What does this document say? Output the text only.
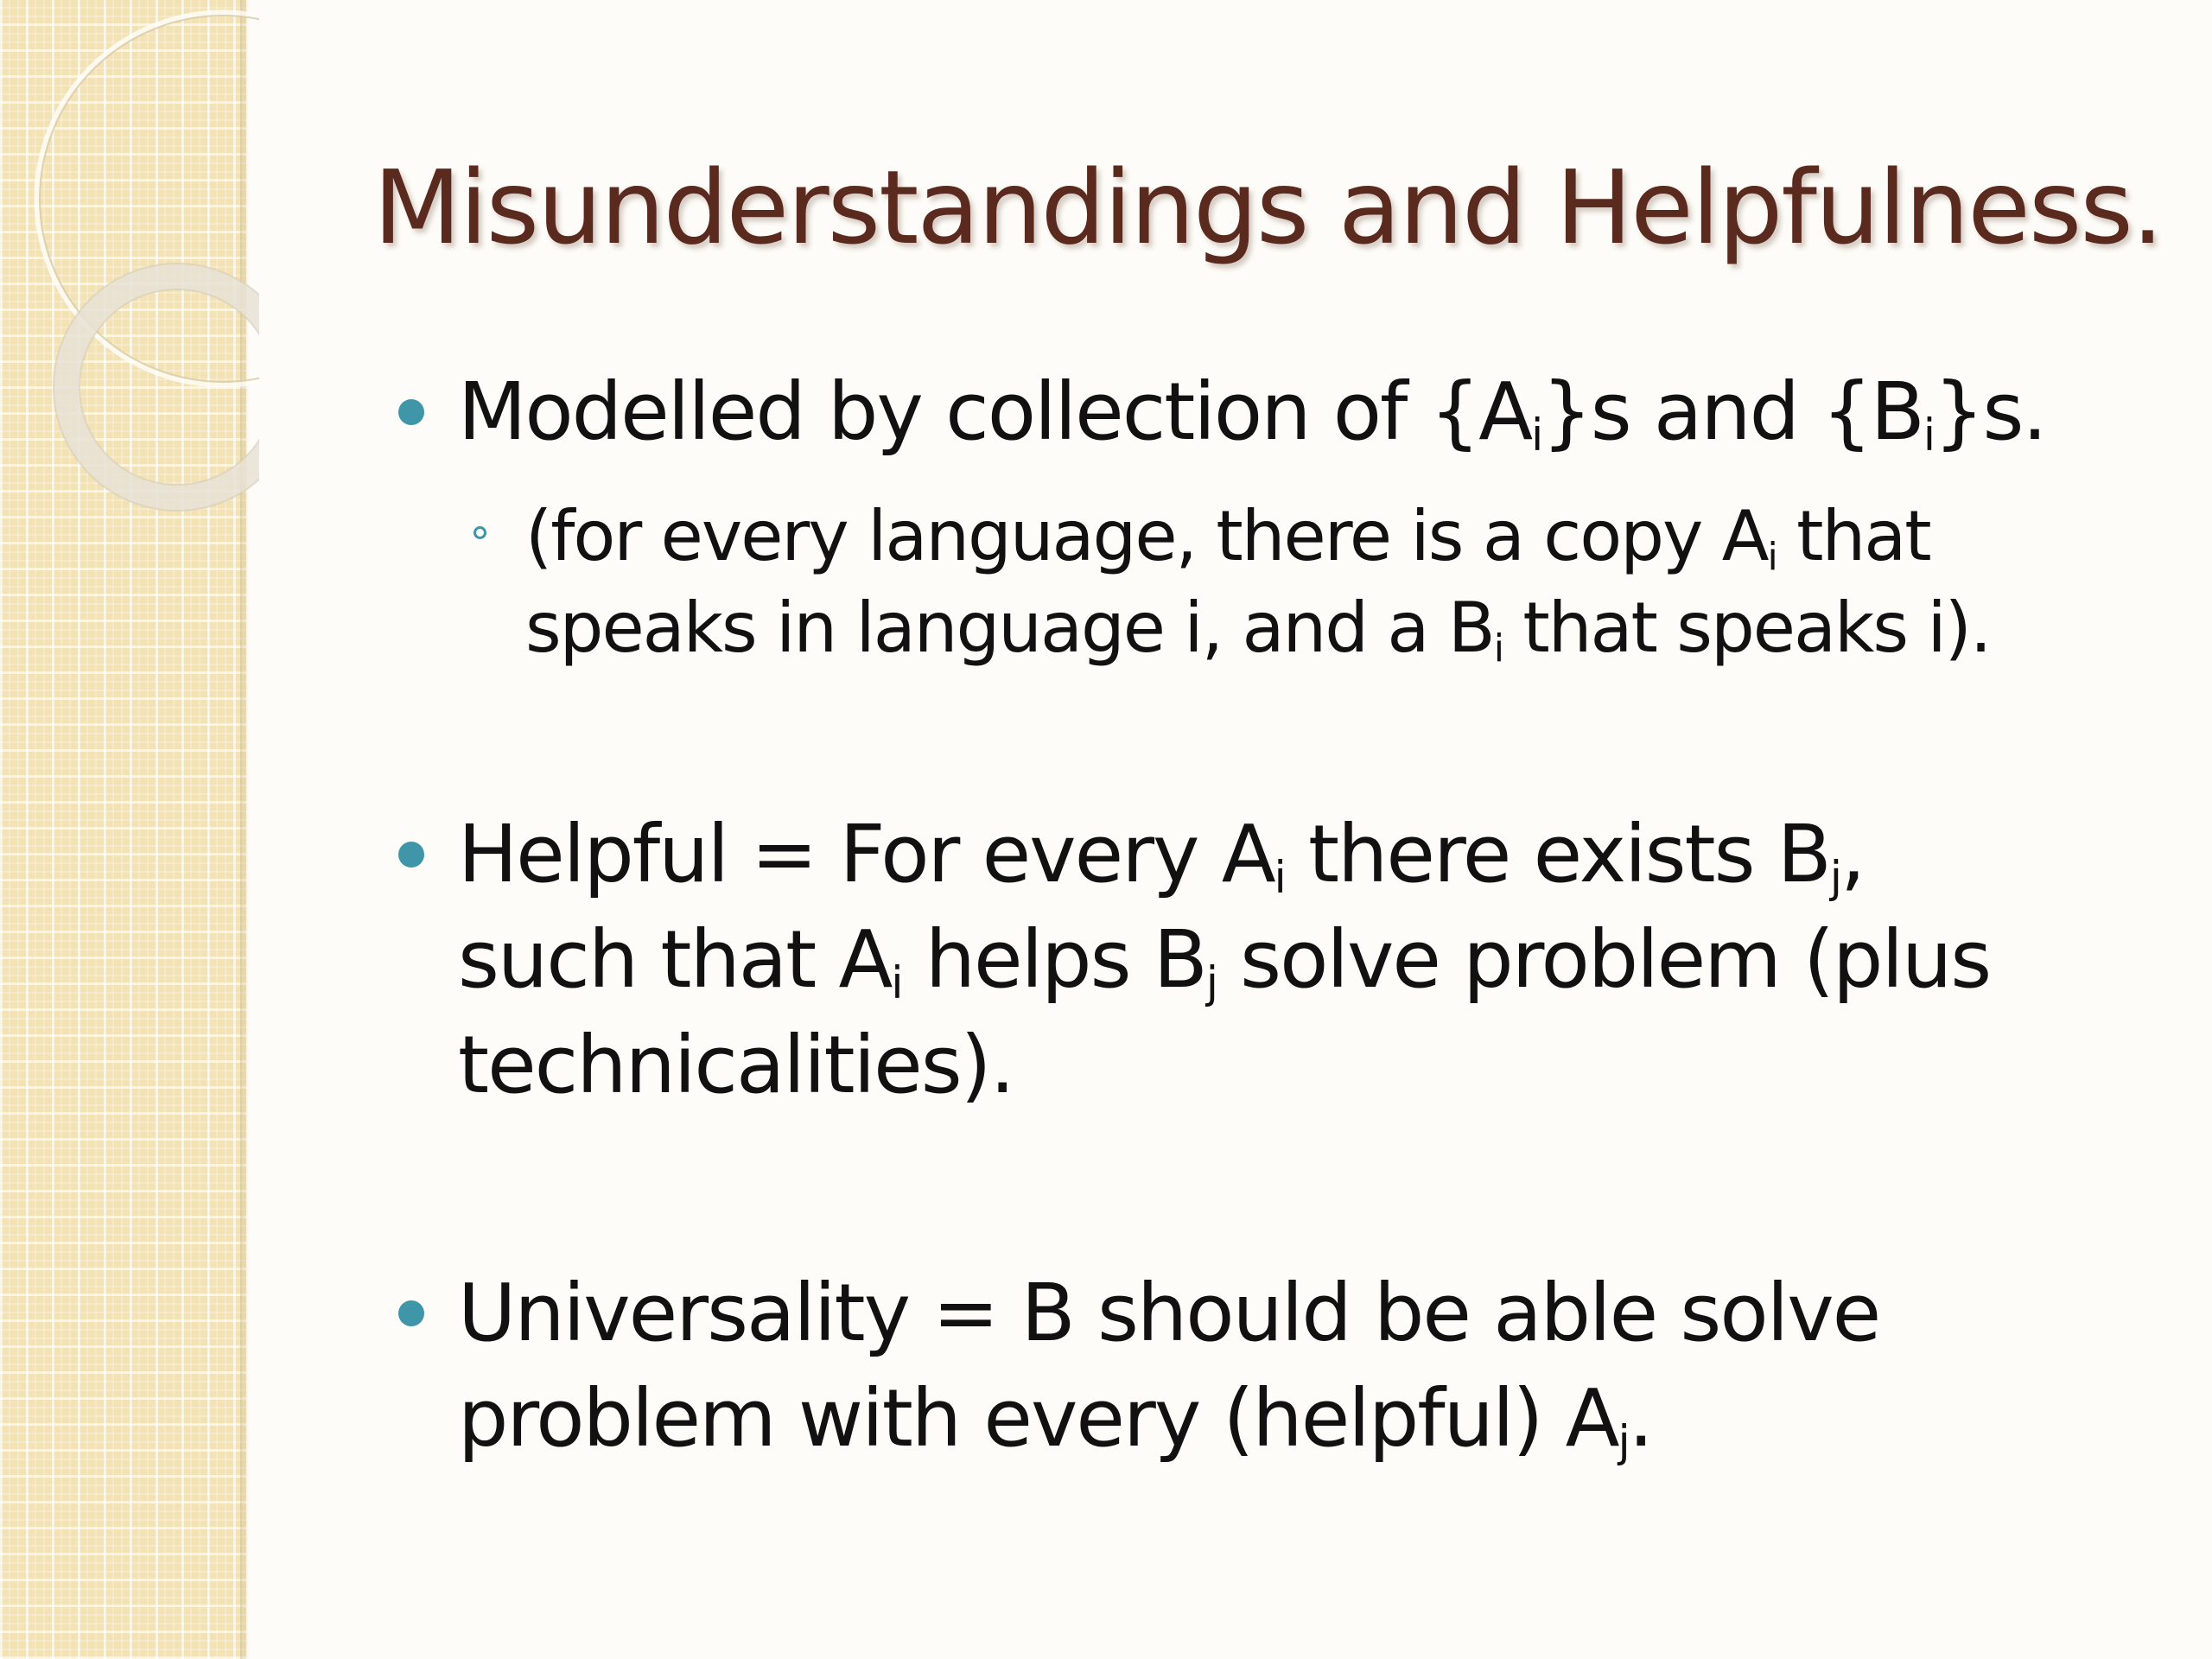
Misunderstandings and Helpfulness.
Modelled by collection of $\{A_i\}s$ and $\{B_i\}s$.
(for every language, there is a copy $A_i$ that
speaks in language i, and a $B_i$ that speaks i).
Helpful = For every $A_i$ there exists $B_j$,
such that $A_i$ helps $B_j$ solve problem (plus
technicalities).
Universality = B should be able solve
problem with every (helpful) $A_j$.
